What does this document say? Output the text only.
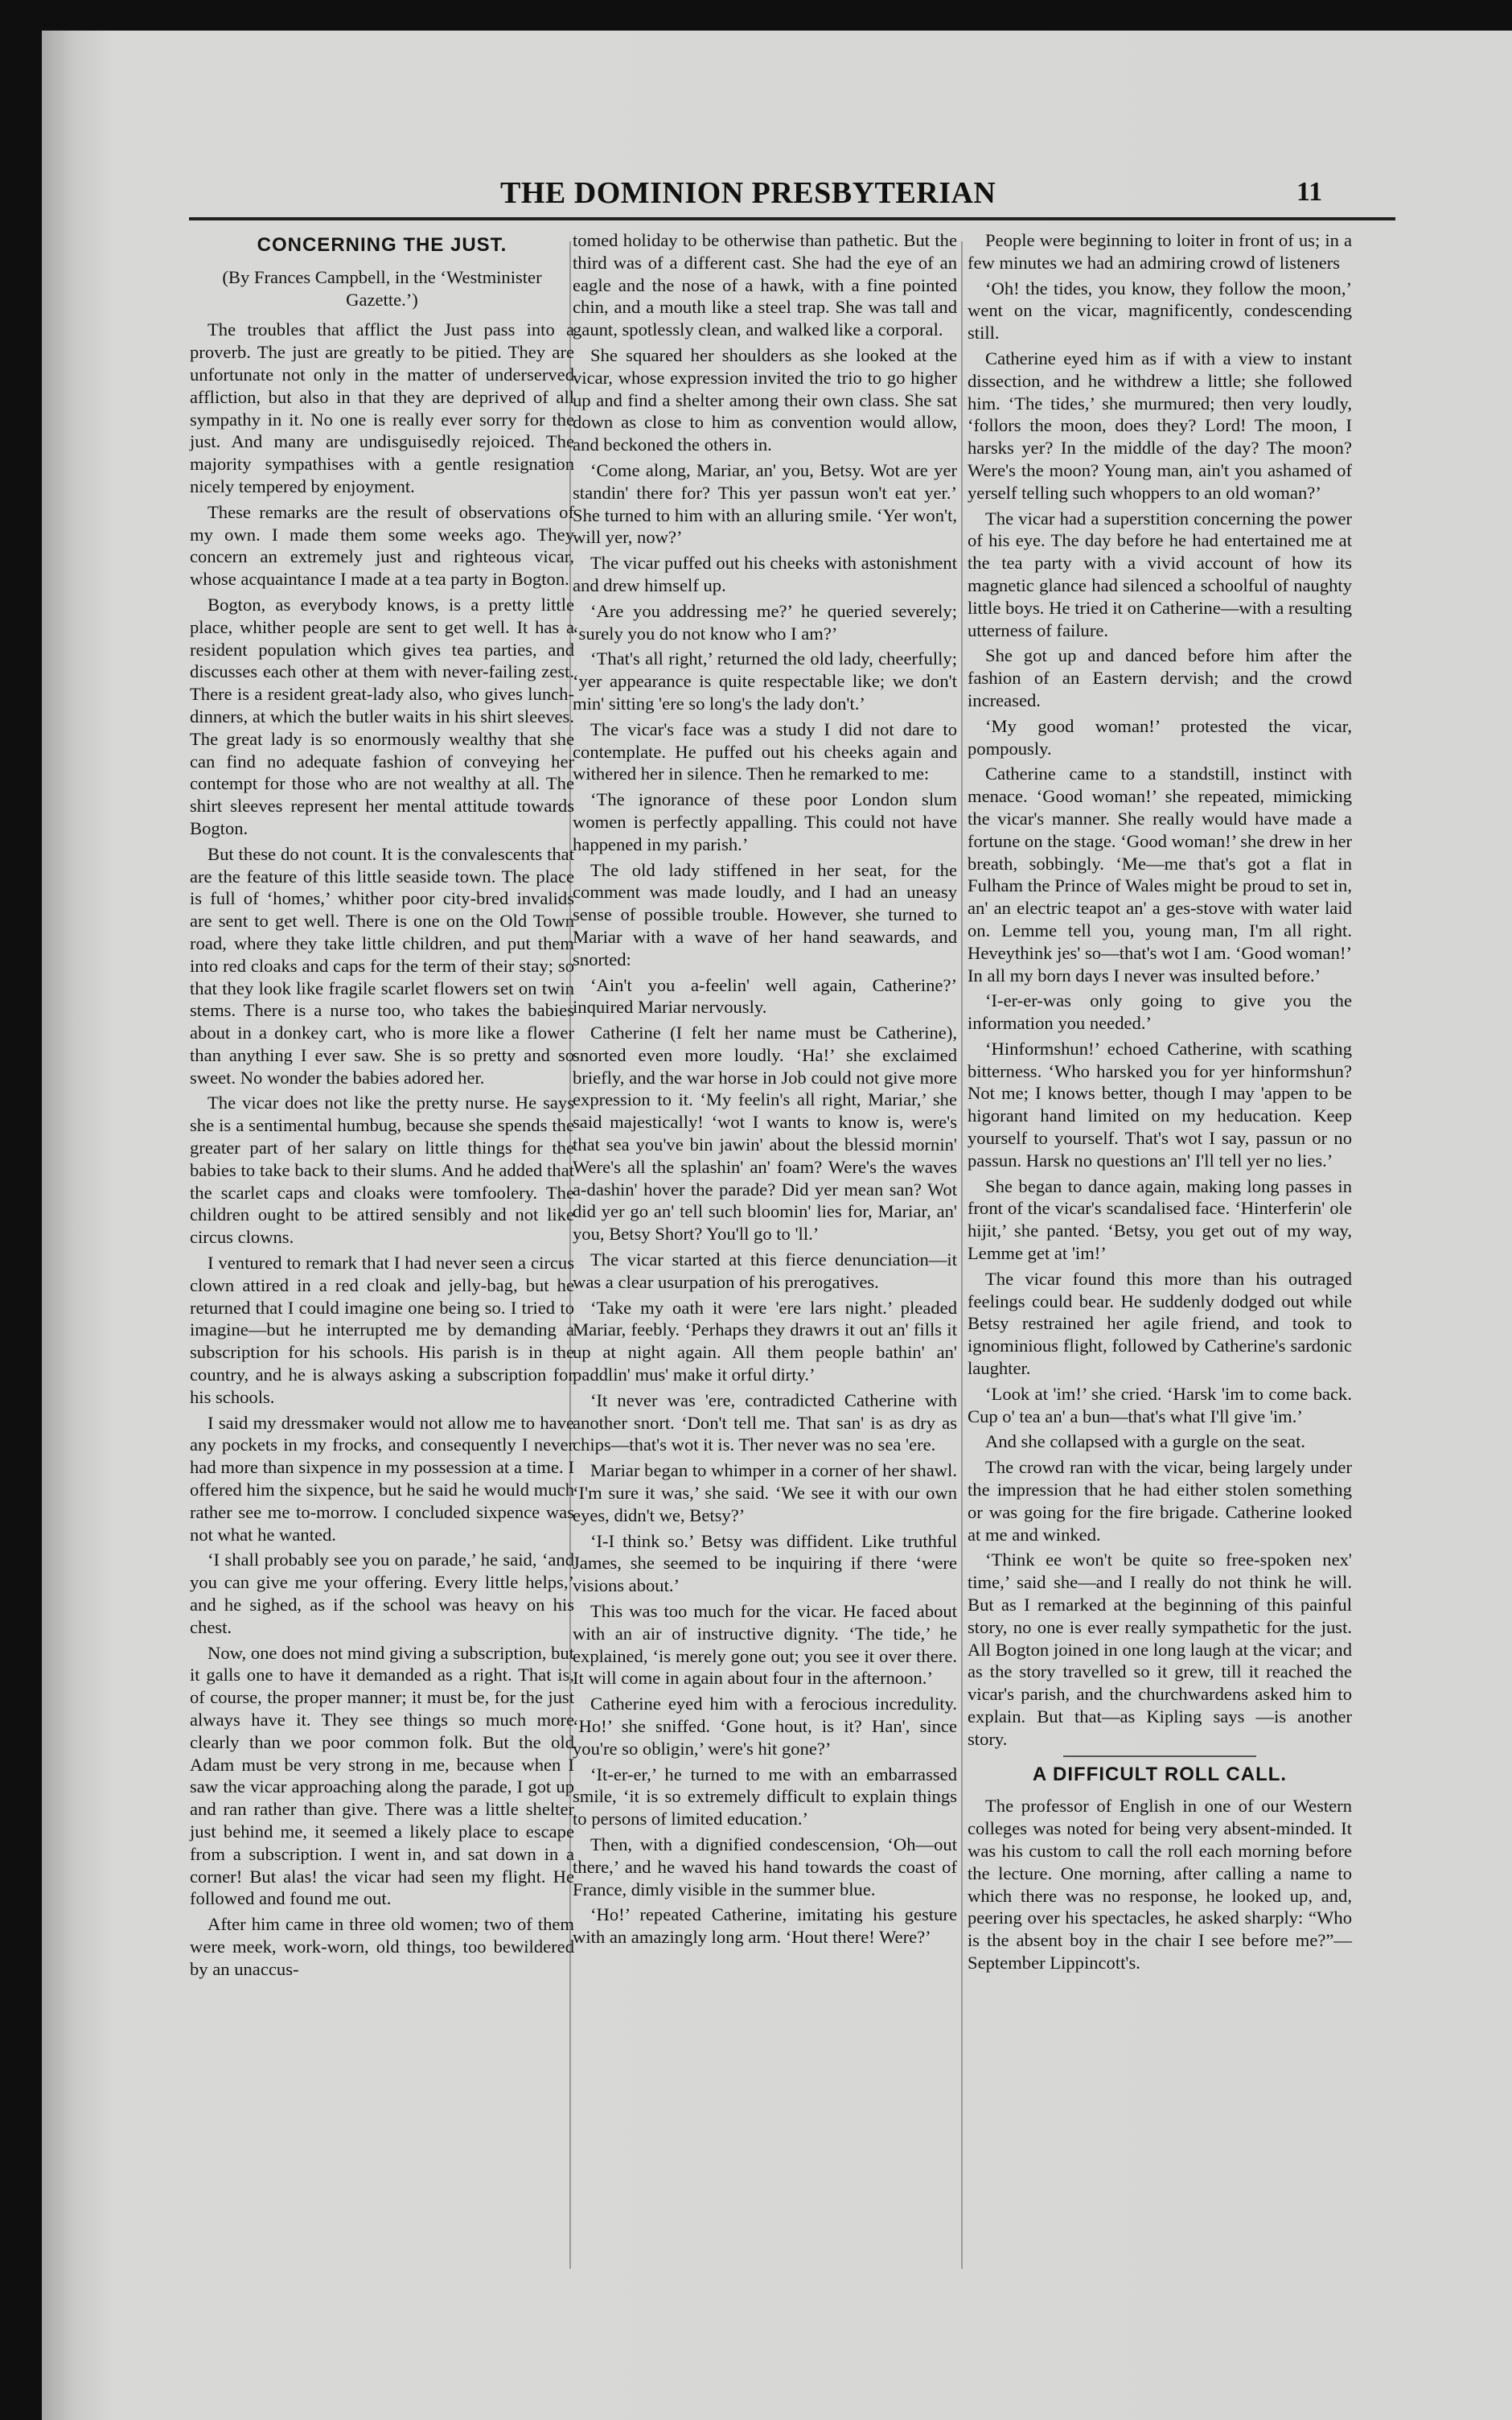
THE DOMINION PRESBYTERIAN	11

CONCERNING THE JUST.

(By Frances Campbell, in the ‘Westminister Gazette.’)

The troubles that afflict the Just pass into a proverb. The just are greatly to be pitied. They are unfortunate not only in the matter of underserved affliction, but also in that they are deprived of all sympathy in it. No one is really ever sorry for the just. And many are undisguisedly rejoiced. The majority sympathises with a gentle resignation nicely tempered by enjoyment.

These remarks are the result of observations of my own. I made them some weeks ago. They concern an extremely just and righteous vicar, whose acquaintance I made at a tea party in Bogton.

Bogton, as everybody knows, is a pretty little place, whither people are sent to get well. It has a resident population which gives tea parties, and discusses each other at them with never-failing zest. There is a resident great-lady also, who gives lunch-dinners, at which the butler waits in his shirt sleeves. The great lady is so enormously wealthy that she can find no adequate fashion of conveying her contempt for those who are not wealthy at all. The shirt sleeves represent her mental attitude towards Bogton.

But these do not count. It is the convalescents that are the feature of this little seaside town. The place is full of ‘homes,’ whither poor city-bred invalids are sent to get well. There is one on the Old Town road, where they take little children, and put them into red cloaks and caps for the term of their stay; so that they look like fragile scarlet flowers set on twin stems. There is a nurse too, who takes the babies about in a donkey cart, who is more like a flower than anything I ever saw. She is so pretty and so sweet. No wonder the babies adored her.

The vicar does not like the pretty nurse. He says she is a sentimental humbug, because she spends the greater part of her salary on little things for the babies to take back to their slums. And he added that the scarlet caps and cloaks were tomfoolery. The children ought to be attired sensibly and not like circus clowns.

I ventured to remark that I had never seen a circus clown attired in a red cloak and jelly-bag, but he returned that I could imagine one being so. I tried to imagine—but he interrupted me by demanding a subscription for his schools. His parish is in the country, and he is always asking a subscription for his schools.

I said my dressmaker would not allow me to have any pockets in my frocks, and consequently I never had more than sixpence in my possession at a time. I offered him the sixpence, but he said he would much rather see me to-morrow. I concluded sixpence was not what he wanted.

‘I shall probably see you on parade,’ he said, ‘and you can give me your offering. Every little helps,’ and he sighed, as if the school was heavy on his chest.

Now, one does not mind giving a subscription, but it galls one to have it demanded as a right. That is, of course, the proper manner; it must be, for the just always have it. They see things so much more clearly than we poor common folk. But the old Adam must be very strong in me, because when I saw the vicar approaching along the parade, I got up and ran rather than give. There was a little shelter just behind me, it seemed a likely place to escape from a subscription. I went in, and sat down in a corner! But alas! the vicar had seen my flight. He followed and found me out.

After him came in three old women; two of them were meek, work-worn, old things, too bewildered by an unaccus-

tomed holiday to be otherwise than pathetic. But the third was of a different cast. She had the eye of an eagle and the nose of a hawk, with a fine pointed chin, and a mouth like a steel trap. She was tall and gaunt, spotlessly clean, and walked like a corporal.

She squared her shoulders as she looked at the vicar, whose expression invited the trio to go higher up and find a shelter among their own class. She sat down as close to him as convention would allow, and beckoned the others in.

‘Come along, Mariar, an' you, Betsy. Wot are yer standin' there for? This yer passun won't eat yer.’ She turned to him with an alluring smile. ‘Yer won't, will yer, now?’

The vicar puffed out his cheeks with astonishment and drew himself up.

‘Are you addressing me?’ he queried severely; ‘surely you do not know who I am?’

‘That's all right,’ returned the old lady, cheerfully; ‘yer appearance is quite respectable like; we don't min' sitting 'ere so long's the lady don't.’

The vicar's face was a study I did not dare to contemplate. He puffed out his cheeks again and withered her in silence. Then he remarked to me:

‘The ignorance of these poor London slum women is perfectly appalling. This could not have happened in my parish.’

The old lady stiffened in her seat, for the comment was made loudly, and I had an uneasy sense of possible trouble. However, she turned to Mariar with a wave of her hand seawards, and snorted:

‘Ain't you a-feelin' well again, Catherine?’ inquired Mariar nervously.

Catherine (I felt her name must be Catherine), snorted even more loudly. ‘Ha!’ she exclaimed briefly, and the war horse in Job could not give more expression to it. ‘My feelin's all right, Mariar,’ she said majestically! ‘wot I wants to know is, were's that sea you've bin jawin' about the blessid mornin' Were's all the splashin' an' foam? Were's the waves a-dashin' hover the parade? Did yer mean san? Wot did yer go an' tell such bloomin' lies for, Mariar, an' you, Betsy Short? You'll go to 'll.’

The vicar started at this fierce denunciation—it was a clear usurpation of his prerogatives.

‘Take my oath it were 'ere lars night.’ pleaded Mariar, feebly. ‘Perhaps they drawrs it out an' fills it up at night again. All them people bathin' an' paddlin' mus' make it orful dirty.’

‘It never was 'ere, contradicted Catherine with another snort. ‘Don't tell me. That san' is as dry as chips—that's wot it is. Ther never was no sea 'ere.

Mariar began to whimper in a corner of her shawl. ‘I'm sure it was,’ she said. ‘We see it with our own eyes, didn't we, Betsy?’

‘I-I think so.’ Betsy was diffident. Like truthful James, she seemed to be inquiring if there ‘were visions about.’

This was too much for the vicar. He faced about with an air of instructive dignity. ‘The tide,’ he explained, ‘is merely gone out; you see it over there. It will come in again about four in the afternoon.’

Catherine eyed him with a ferocious incredulity. ‘Ho!’ she sniffed. ‘Gone hout, is it? Han', since you're so obligin,’ were's hit gone?’

‘It-er-er,’ he turned to me with an embarrassed smile, ‘it is so extremely difficult to explain things to persons of limited education.’

Then, with a dignified condescension, ‘Oh—out there,’ and he waved his hand towards the coast of France, dimly visible in the summer blue.

‘Ho!’ repeated Catherine, imitating his gesture with an amazingly long arm. ‘Hout there! Were?’

People were beginning to loiter in front of us; in a few minutes we had an admiring crowd of listeners

‘Oh! the tides, you know, they follow the moon,’ went on the vicar, magnificently, condescending still.

Catherine eyed him as if with a view to instant dissection, and he withdrew a little; she followed him. ‘The tides,’ she murmured; then very loudly, ‘follors the moon, does they? Lord! The moon, I harsks yer? In the middle of the day? The moon? Were's the moon? Young man, ain't you ashamed of yerself telling such whoppers to an old woman?’

The vicar had a superstition concerning the power of his eye. The day before he had entertained me at the tea party with a vivid account of how its magnetic glance had silenced a schoolful of naughty little boys. He tried it on Catherine—with a resulting utterness of failure.

She got up and danced before him after the fashion of an Eastern dervish; and the crowd increased.

‘My good woman!’ protested the vicar, pompously.

Catherine came to a standstill, instinct with menace. ‘Good woman!’ she repeated, mimicking the vicar's manner. She really would have made a fortune on the stage. ‘Good woman!’ she drew in her breath, sobbingly. ‘Me—me that's got a flat in Fulham the Prince of Wales might be proud to set in, an' an electric teapot an' a ges-stove with water laid on. Lemme tell you, young man, I'm all right. Heveythink jes' so—that's wot I am. ‘Good woman!’ In all my born days I never was insulted before.’

‘I-er-er-was only going to give you the information you needed.’

‘Hinformshun!’ echoed Catherine, with scathing bitterness. ‘Who harsked you for yer hinformshun? Not me; I knows better, though I may 'appen to be higorant hand limited on my heducation. Keep yourself to yourself. That's wot I say, passun or no passun. Harsk no questions an' I'll tell yer no lies.’

She began to dance again, making long passes in front of the vicar's scandalised face. ‘Hinterferin' ole hijit,’ she panted. ‘Betsy, you get out of my way, Lemme get at 'im!’

The vicar found this more than his outraged feelings could bear. He suddenly dodged out while Betsy restrained her agile friend, and took to ignominious flight, followed by Catherine's sardonic laughter.

‘Look at 'im!’ she cried. ‘Harsk 'im to come back. Cup o' tea an' a bun—that's what I'll give 'im.’

And she collapsed with a gurgle on the seat.

The crowd ran with the vicar, being largely under the impression that he had either stolen something or was going for the fire brigade. Catherine looked at me and winked.

‘Think ee won't be quite so free-spoken nex' time,’ said she—and I really do not think he will. But as I remarked at the beginning of this painful story, no one is ever really sympathetic for the just. All Bogton joined in one long laugh at the vicar; and as the story travelled so it grew, till it reached the vicar's parish, and the churchwardens asked him to explain. But that—as Kipling says —is another story.

A DIFFICULT ROLL CALL.

The professor of English in one of our Western colleges was noted for being very absent-minded. It was his custom to call the roll each morning before the lecture. One morning, after calling a name to which there was no response, he looked up, and, peering over his spectacles, he asked sharply: “Who is the absent boy in the chair I see before me?”—September Lippincott's.
